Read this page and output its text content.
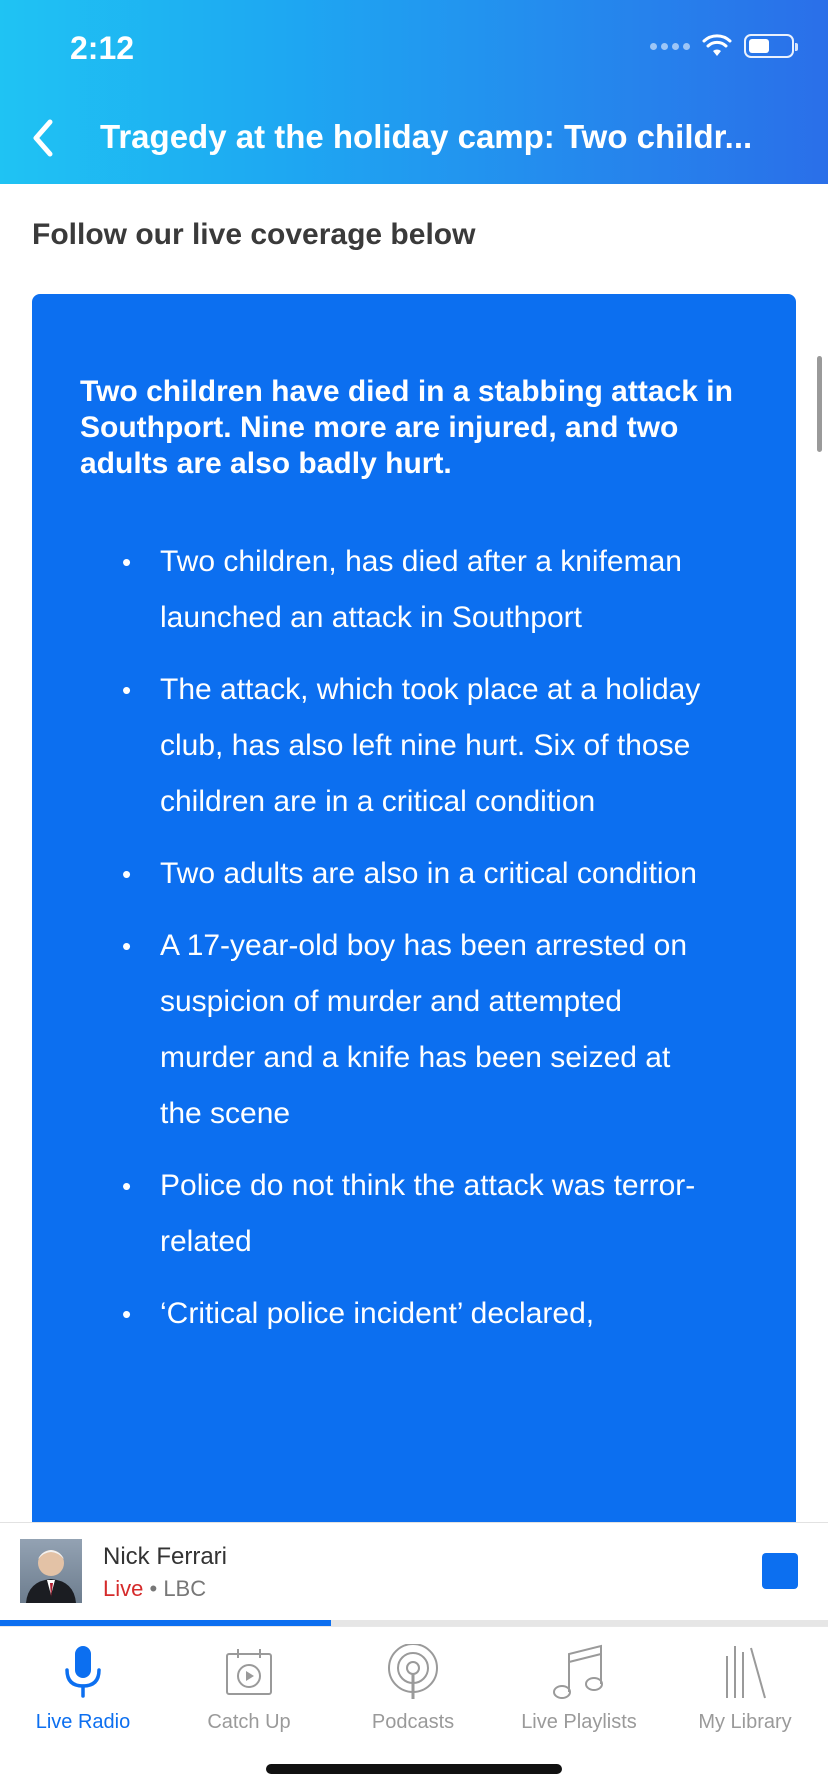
2:12
Tragedy at the holiday camp: Two childr...
Follow our live coverage below
Two children have died in a stabbing attack in Southport. Nine more are injured, and two adults are also badly hurt.
• Two children, has died after a knifeman launched an attack in Southport
• The attack, which took place at a holiday club, has also left nine hurt. Six of those children are in a critical condition
• Two adults are also in a critical condition
• A 17-year-old boy has been arrested on suspicion of murder and attempted murder and a knife has been seized at the scene
• Police do not think the attack was terror-related
• ‘Critical police incident’ declared,
Nick Ferrari
Live • LBC
Live Radio	Catch Up	Podcasts	Live Playlists	My Library
